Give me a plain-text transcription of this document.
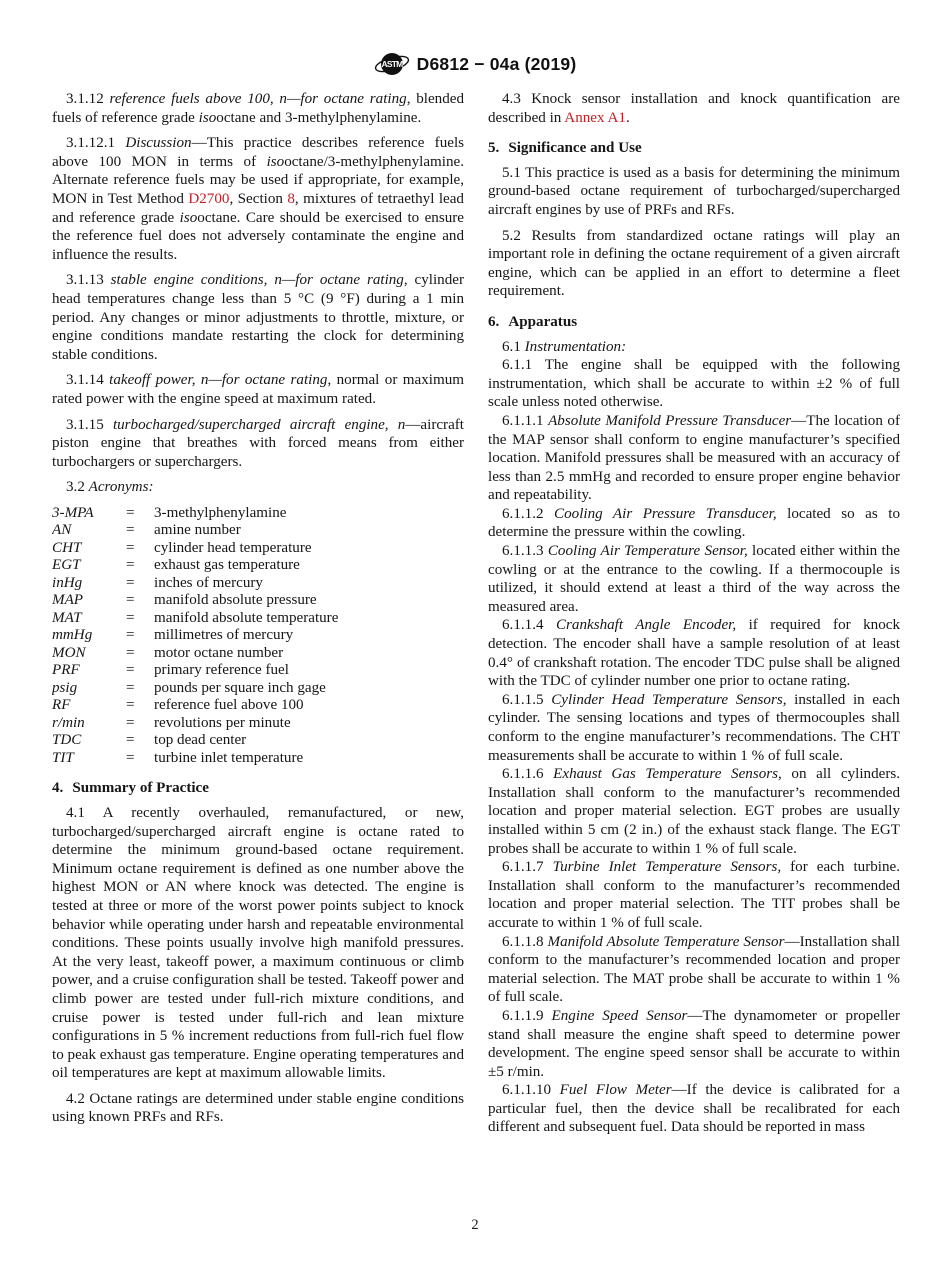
ASTM D6812 − 04a (2019)

3.1.12 reference fuels above 100, n—for octane rating, blended fuels of reference grade isooctane and 3-methylphenylamine.

3.1.12.1 Discussion—This practice describes reference fuels above 100 MON in terms of isooctane/3-methylphenylamine. Alternate reference fuels may be used if appropriate, for example, MON in Test Method D2700, Section 8, mixtures of tetraethyl lead and reference grade isooctane. Care should be exercised to ensure the reference fuel does not adversely contaminate the engine and influence the results.

3.1.13 stable engine conditions, n—for octane rating, cylinder head temperatures change less than 5 °C (9 °F) during a 1 min period. Any changes or minor adjustments to throttle, mixture, or engine conditions mandate restarting the clock for determining stable conditions.

3.1.14 takeoff power, n—for octane rating, normal or maximum rated power with the engine speed at maximum rated.

3.1.15 turbocharged/supercharged aircraft engine, n—aircraft piston engine that breathes with forced means from either turbochargers or superchargers.

3.2 Acronyms:

3-MPA	=	3-methylphenylamine
AN	=	amine number
CHT	=	cylinder head temperature
EGT	=	exhaust gas temperature
inHg	=	inches of mercury
MAP	=	manifold absolute pressure
MAT	=	manifold absolute temperature
mmHg	=	millimetres of mercury
MON	=	motor octane number
PRF	=	primary reference fuel
psig	=	pounds per square inch gage
RF	=	reference fuel above 100
r/min	=	revolutions per minute
TDC	=	top dead center
TIT	=	turbine inlet temperature
4. Summary of Practice

4.1 A recently overhauled, remanufactured, or new, turbocharged/supercharged aircraft engine is octane rated to determine the minimum ground-based octane requirement. Minimum octane requirement is defined as one number above the highest MON or AN where knock was detected. The engine is tested at three or more of the worst power points subject to knock behavior while operating under harsh and repeatable environmental conditions. These points usually involve high manifold pressures. At the very least, takeoff power, a maximum continuous or climb power, and a cruise configuration shall be tested. Takeoff power and climb power are tested under full-rich mixture conditions, and cruise power is tested under full-rich and lean mixture configurations in 5 % increment reductions from full-rich fuel flow to peak exhaust gas temperature. Engine operating temperatures and oil temperatures are kept at maximum allowable limits.

4.2 Octane ratings are determined under stable engine conditions using known PRFs and RFs.

4.3 Knock sensor installation and knock quantification are described in Annex A1.

5. Significance and Use

5.1 This practice is used as a basis for determining the minimum ground-based octane requirement of turbocharged/supercharged aircraft engines by use of PRFs and RFs.

5.2 Results from standardized octane ratings will play an important role in defining the octane requirement of a given aircraft engine, which can be applied in an effort to determine a fleet requirement.

6. Apparatus

6.1 Instrumentation:

6.1.1 The engine shall be equipped with the following instrumentation, which shall be accurate to within ±2 % of full scale unless noted otherwise.

6.1.1.1 Absolute Manifold Pressure Transducer—The location of the MAP sensor shall conform to engine manufacturer’s specified location. Manifold pressures shall be measured with an accuracy of less than 2.5 mmHg and recorded to ensure proper engine behavior and repeatability.

6.1.1.2 Cooling Air Pressure Transducer, located so as to determine the pressure within the cowling.

6.1.1.3 Cooling Air Temperature Sensor, located either within the cowling or at the entrance to the cowling. If a thermocouple is utilized, it should extend at least a third of the way across the measured area.

6.1.1.4 Crankshaft Angle Encoder, if required for knock detection. The encoder shall have a sample resolution of at least 0.4° of crankshaft rotation. The encoder TDC pulse shall be aligned with the TDC of cylinder number one prior to octane rating.

6.1.1.5 Cylinder Head Temperature Sensors, installed in each cylinder. The sensing locations and types of thermocouples shall conform to the engine manufacturer’s recommendations. The CHT measurements shall be accurate to within 1 % of full scale.

6.1.1.6 Exhaust Gas Temperature Sensors, on all cylinders. Installation shall conform to the manufacturer’s recommended location and proper material selection. EGT probes are usually installed within 5 cm (2 in.) of the exhaust stack flange. The EGT probes shall be accurate to within 1 % of full scale.

6.1.1.7 Turbine Inlet Temperature Sensors, for each turbine. Installation shall conform to the manufacturer’s recommended location and proper material selection. The TIT probes shall be accurate to within 1 % of full scale.

6.1.1.8 Manifold Absolute Temperature Sensor—Installation shall conform to the manufacturer’s recommended location and proper material selection. The MAT probe shall be accurate to within 1 % of full scale.

6.1.1.9 Engine Speed Sensor—The dynamometer or propeller stand shall measure the engine shaft speed to determine power development. The engine speed sensor shall be accurate to within ±5 r/min.

6.1.1.10 Fuel Flow Meter—If the device is calibrated for a particular fuel, then the device shall be recalibrated for each different and subsequent fuel. Data should be reported in mass

2
